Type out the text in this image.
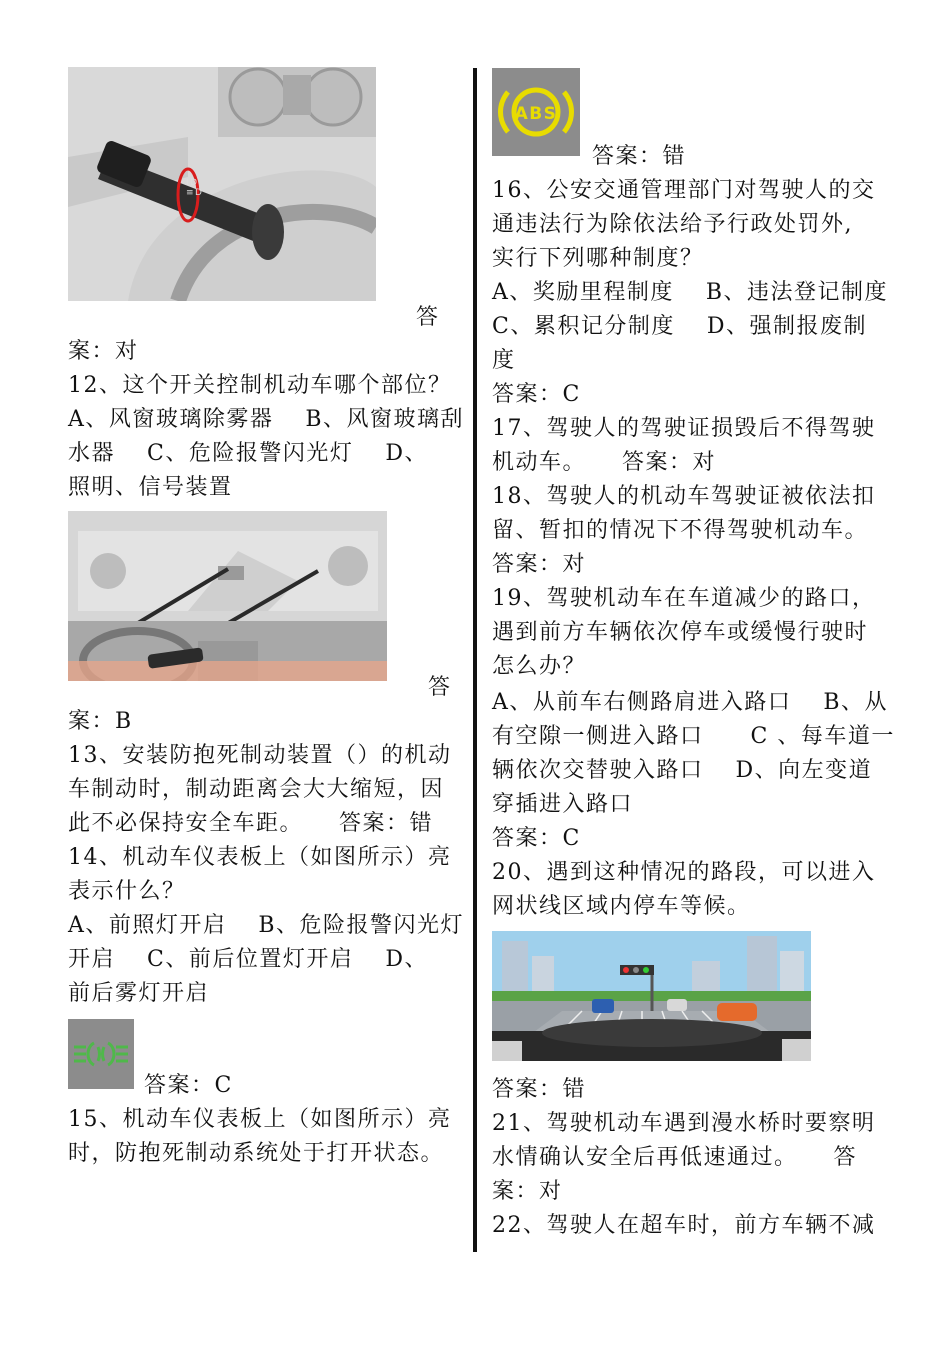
ID
≡D
答
案：对
12、这个开关控制机动车哪个部位？
A、风窗玻璃除雾器　 B、风窗玻璃刮
水器　 C、危险报警闪光灯　 D、
照明、信号装置
答
案：B
13、安装防抱死制动装置（）的机动
车制动时，制动距离会大大缩短，因
此不必保持安全车距。　　答案：错
14、机动车仪表板上（如图所示）亮
表示什么？
A、前照灯开启　 B、危险报警闪光灯
开启　 C、前后位置灯开启　 D、
前后雾灯开启
答案：C
15、机动车仪表板上（如图所示）亮
时，防抱死制动系统处于打开状态。
ABS
答案：错
16、公安交通管理部门对驾驶人的交
通违法行为除依法给予行政处罚外,
实行下列哪种制度？
A、奖励里程制度　 B、违法登记制度
C、累积记分制度　 D、强制报废制
度
答案：C
17、驾驶人的驾驶证损毁后不得驾驶
机动车。　　答案：对
18、驾驶人的机动车驾驶证被依法扣
留、暂扣的情况下不得驾驶机动车。
答案：对
19、驾驶机动车在车道减少的路口，
遇到前方车辆依次停车或缓慢行驶时
怎么办？
A、从前车右侧路肩进入路口　 B、从
有空隙一侧进入路口　　C 、每车道一
辆依次交替驶入路口　 D、向左变道
穿插进入路口
答案：C
20、遇到这种情况的路段，可以进入
网状线区域内停车等候。
答案：错
21、驾驶机动车遇到漫水桥时要察明
水情确认安全后再低速通过。　　答
案：对
22、驾驶人在超车时，前方车辆不减
